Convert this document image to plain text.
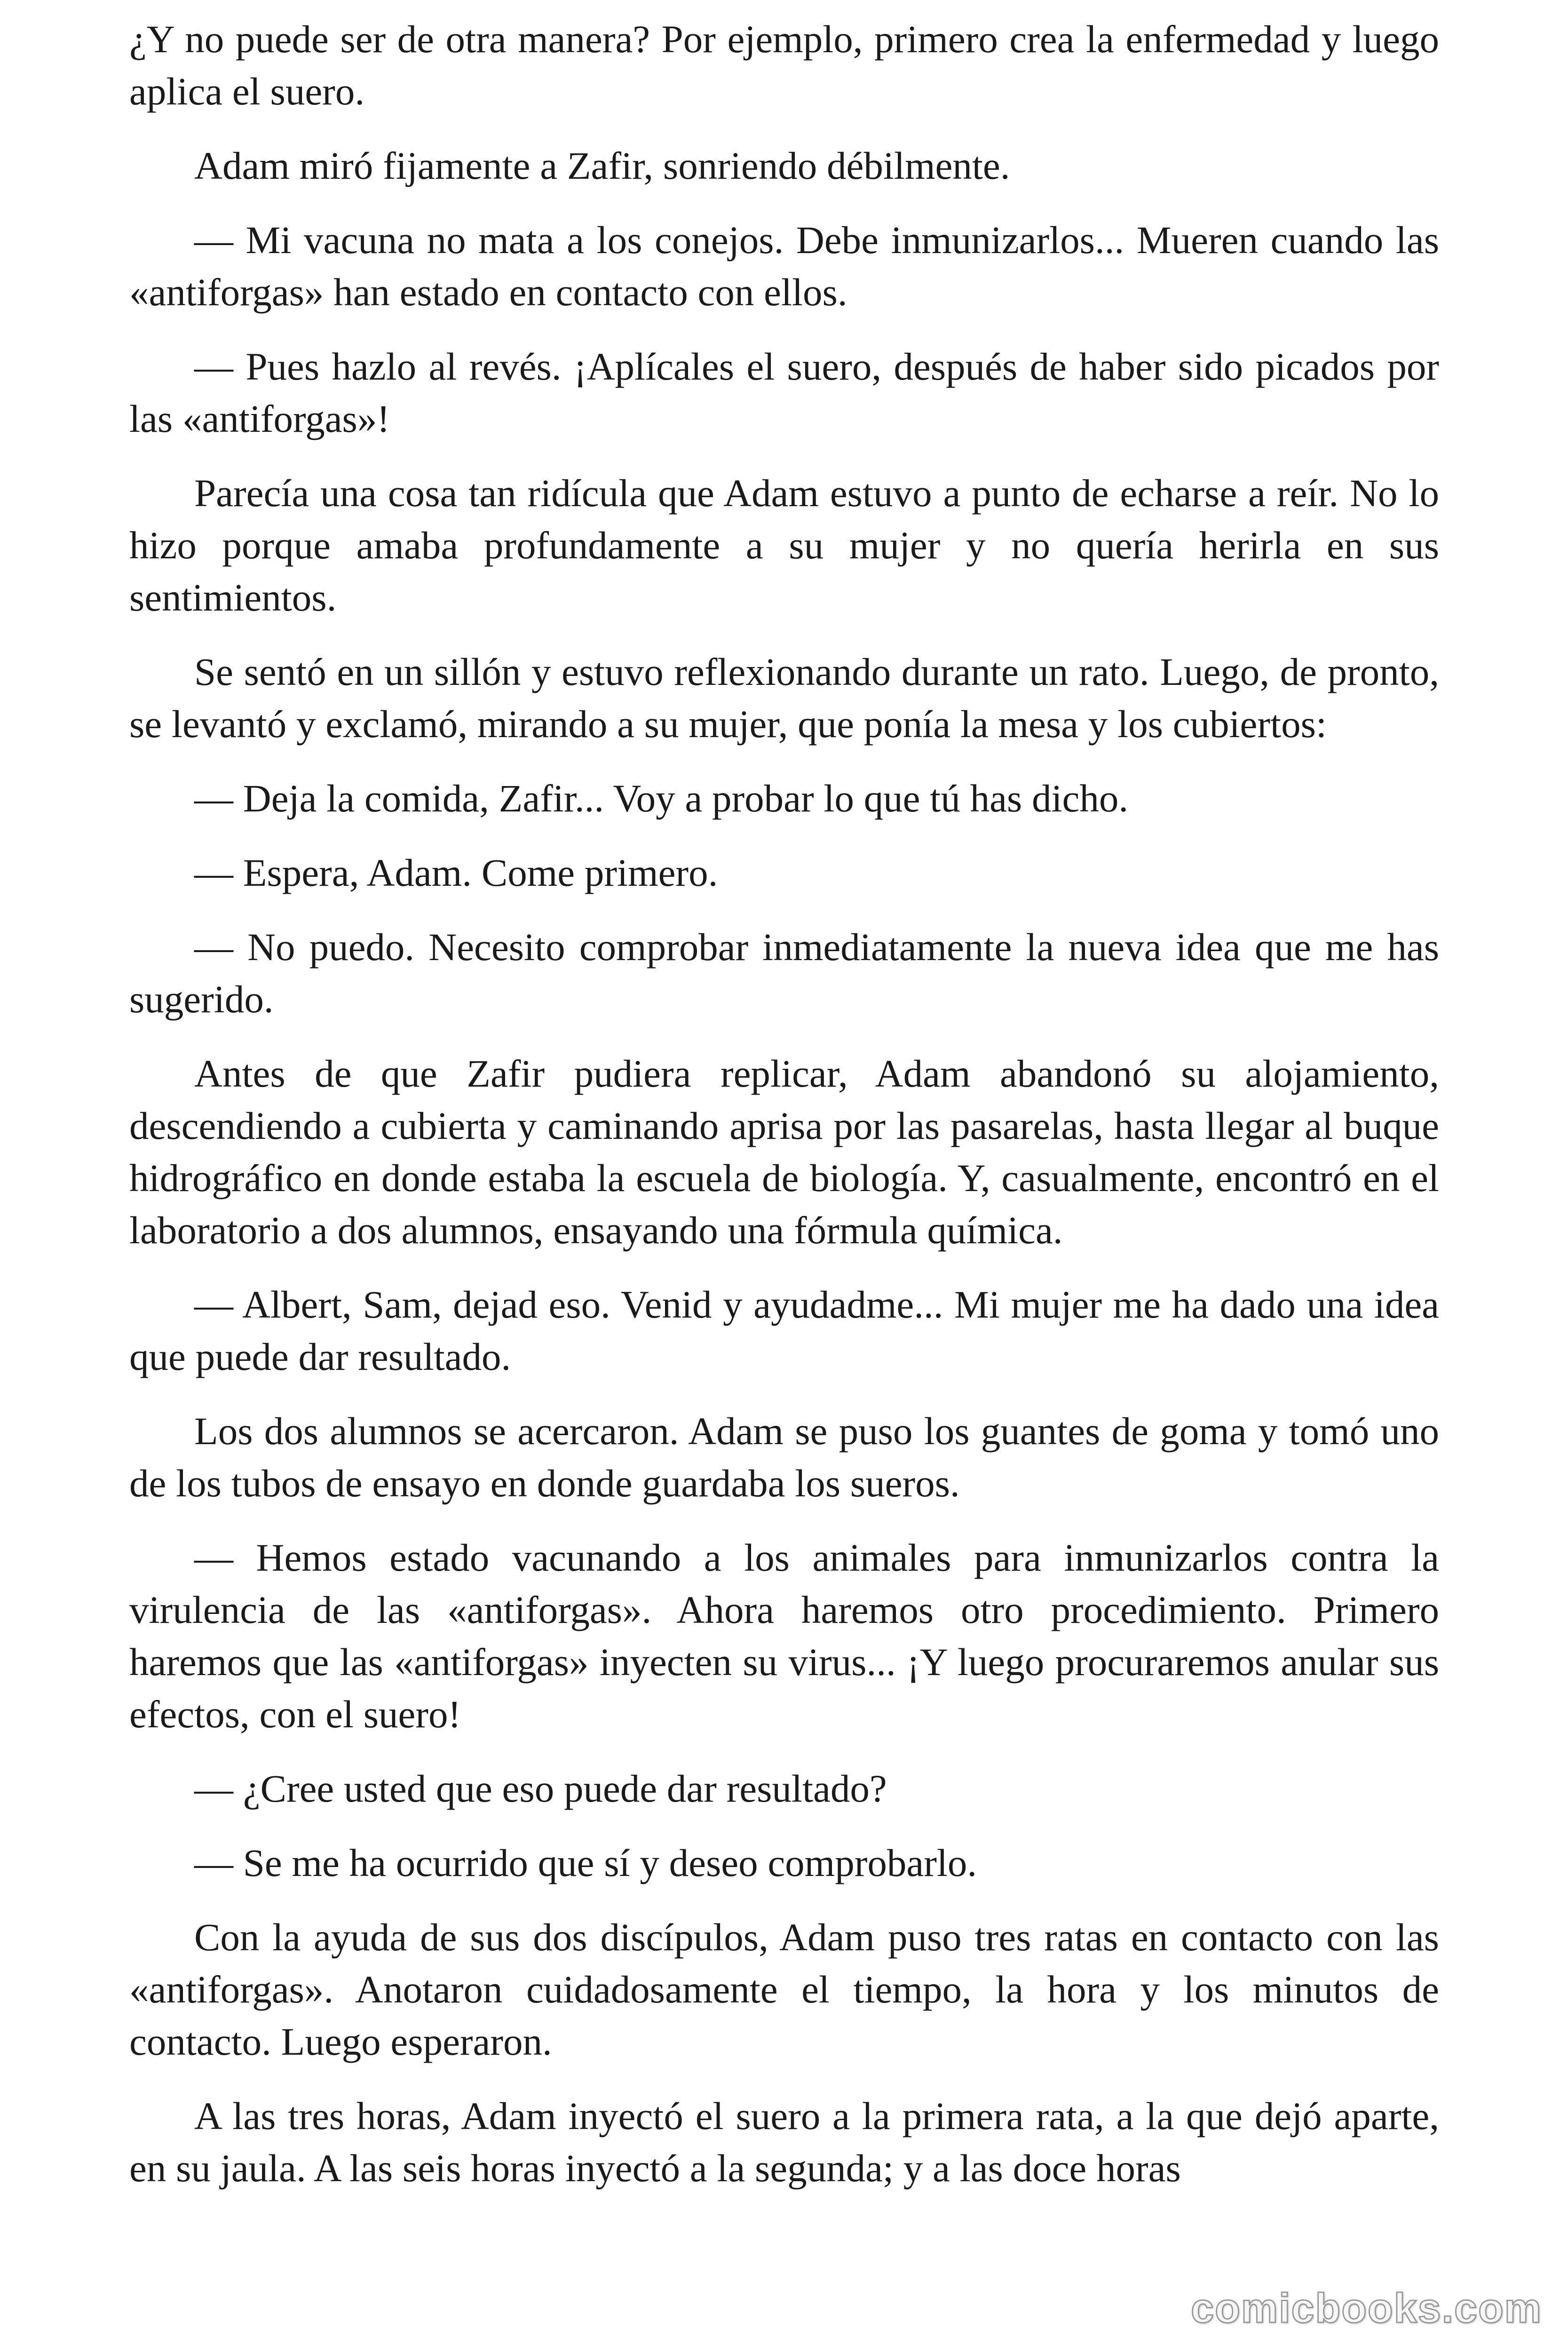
¿Y no puede ser de otra manera? Por ejemplo, primero crea la enfermedad y luego aplica el suero.

Adam miró fijamente a Zafir, sonriendo débilmente.

— Mi vacuna no mata a los conejos. Debe inmunizarlos... Mueren cuando las «antiforgas» han estado en contacto con ellos.

— Pues hazlo al revés. ¡Aplícales el suero, después de haber sido picados por las «antiforgas»!

Parecía una cosa tan ridícula que Adam estuvo a punto de echarse a reír. No lo hizo porque amaba profundamente a su mujer y no quería herirla en sus sentimientos.

Se sentó en un sillón y estuvo reflexionando durante un rato. Luego, de pronto, se levantó y exclamó, mirando a su mujer, que ponía la mesa y los cubiertos:

— Deja la comida, Zafir... Voy a probar lo que tú has dicho.

— Espera, Adam. Come primero.

— No puedo. Necesito comprobar inmediatamente la nueva idea que me has sugerido.

Antes de que Zafir pudiera replicar, Adam abandonó su alojamiento, descendiendo a cubierta y caminando aprisa por las pasarelas, hasta llegar al buque hidrográfico en donde estaba la escuela de biología. Y, casualmente, encontró en el laboratorio a dos alumnos, ensayando una fórmula química.

— Albert, Sam, dejad eso. Venid y ayudadme... Mi mujer me ha dado una idea que puede dar resultado.

Los dos alumnos se acercaron. Adam se puso los guantes de goma y tomó uno de los tubos de ensayo en donde guardaba los sueros.

— Hemos estado vacunando a los animales para inmunizarlos contra la virulencia de las «antiforgas». Ahora haremos otro procedimiento. Primero haremos que las «antiforgas» inyecten su virus... ¡Y luego procuraremos anular sus efectos, con el suero!

— ¿Cree usted que eso puede dar resultado?

— Se me ha ocurrido que sí y deseo comprobarlo.

Con la ayuda de sus dos discípulos, Adam puso tres ratas en contacto con las «antiforgas». Anotaron cuidadosamente el tiempo, la hora y los minutos de contacto. Luego esperaron.

A las tres horas, Adam inyectó el suero a la primera rata, a la que dejó aparte, en su jaula. A las seis horas inyectó a la segunda; y a las doce horas

comicbooks.com
